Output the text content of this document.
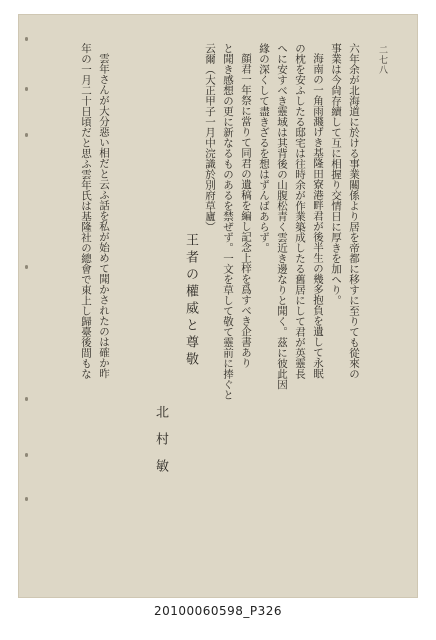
二七八
六年余が北海道に於ける事業關係より居を帝都に移すに至りても從來の
事業は今尙存續して互に相握り交情日に厚きを加へり。
海南の一角雨濺げき基隆田寮港畔君が後半生の幾多抱負を遺して永眠
の枕を安ふしたる邸宅は往時余が作業築成したる舊居にして君が英靈長
へに安すべき靈域は其背後の山腹松青く雲近き邊なりと聞く。茲に彼此因
緣の深くして盡きざるを想はずんばあらず。
顔君一年祭に當りて同君の遺稿を編し記念上梓を爲すべき企書あり
と聞き感想の更に新なるものあるを禁ぜず。一文を草して敬て靈前に捧ぐと
云爾（大正甲子一月中浣識於別府草廬）
王者の權威と尊敬
北村敏
雲年さんが大分惡い相だと云ふ話を私が始めて聞かされたのは確か昨
年の一月二十日頃だと思ふ雲年氏は基隆社の總會で東上し歸臺後間もな
20100060598_P326
